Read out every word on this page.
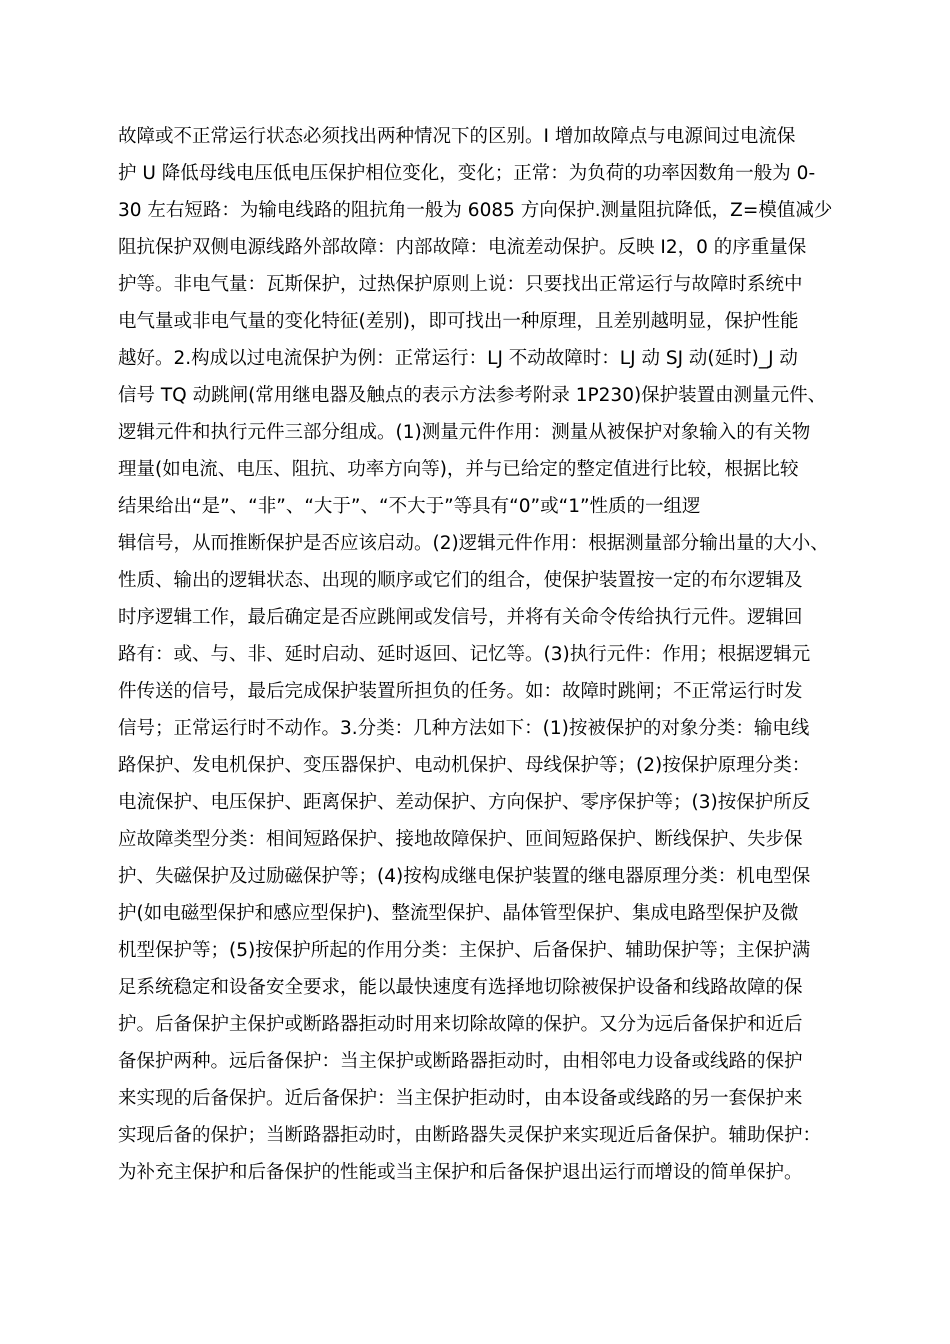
故障或不正常运行状态必须找出两种情况下的区别。I 增加故障点与电源间过电流保
护 U 降低母线电压低电压保护相位变化，变化；正常：为负荷的功率因数角一般为 0-
30 左右短路：为输电线路的阻抗角一般为 6085 方向保护.测量阻抗降低，Z=模值减少
阻抗保护双侧电源线路外部故障：内部故障：电流差动保护。反映 I2，0 的序重量保
护等。非电气量：瓦斯保护，过热保护原则上说：只要找出正常运行与故障时系统中
电气量或非电气量的变化特征(差别)，即可找出一种原理，且差别越明显，保护性能
越好。2.构成以过电流保护为例：正常运行：LJ 不动故障时：LJ 动 SJ 动(延时)_J 动
信号 TQ 动跳闸(常用继电器及触点的表示方法参考附录 1P230)保护装置由测量元件、
逻辑元件和执行元件三部分组成。(1)测量元件作用：测量从被保护对象输入的有关物
理量(如电流、电压、阻抗、功率方向等)，并与已给定的整定值进行比较，根据比较
结果给出“是”、“非”、“大于”、“不大于”等具有“0”或“1”性质的一组逻
辑信号，从而推断保护是否应该启动。(2)逻辑元件作用：根据测量部分输出量的大小、
性质、输出的逻辑状态、出现的顺序或它们的组合，使保护装置按一定的布尔逻辑及
时序逻辑工作，最后确定是否应跳闸或发信号，并将有关命令传给执行元件。逻辑回
路有：或、与、非、延时启动、延时返回、记忆等。(3)执行元件：作用；根据逻辑元
件传送的信号，最后完成保护装置所担负的任务。如：故障时跳闸；不正常运行时发
信号；正常运行时不动作。3.分类：几种方法如下：(1)按被保护的对象分类：输电线
路保护、发电机保护、变压器保护、电动机保护、母线保护等；(2)按保护原理分类：
电流保护、电压保护、距离保护、差动保护、方向保护、零序保护等；(3)按保护所反
应故障类型分类：相间短路保护、接地故障保护、匝间短路保护、断线保护、失步保
护、失磁保护及过励磁保护等；(4)按构成继电保护装置的继电器原理分类：机电型保
护(如电磁型保护和感应型保护)、整流型保护、晶体管型保护、集成电路型保护及微
机型保护等；(5)按保护所起的作用分类：主保护、后备保护、辅助保护等；主保护满
足系统稳定和设备安全要求，能以最快速度有选择地切除被保护设备和线路故障的保
护。后备保护主保护或断路器拒动时用来切除故障的保护。又分为远后备保护和近后
备保护两种。远后备保护：当主保护或断路器拒动时，由相邻电力设备或线路的保护
来实现的后备保护。近后备保护：当主保护拒动时，由本设备或线路的另一套保护来
实现后备的保护；当断路器拒动时，由断路器失灵保护来实现近后备保护。辅助保护：
为补充主保护和后备保护的性能或当主保护和后备保护退出运行而增设的简单保护。
